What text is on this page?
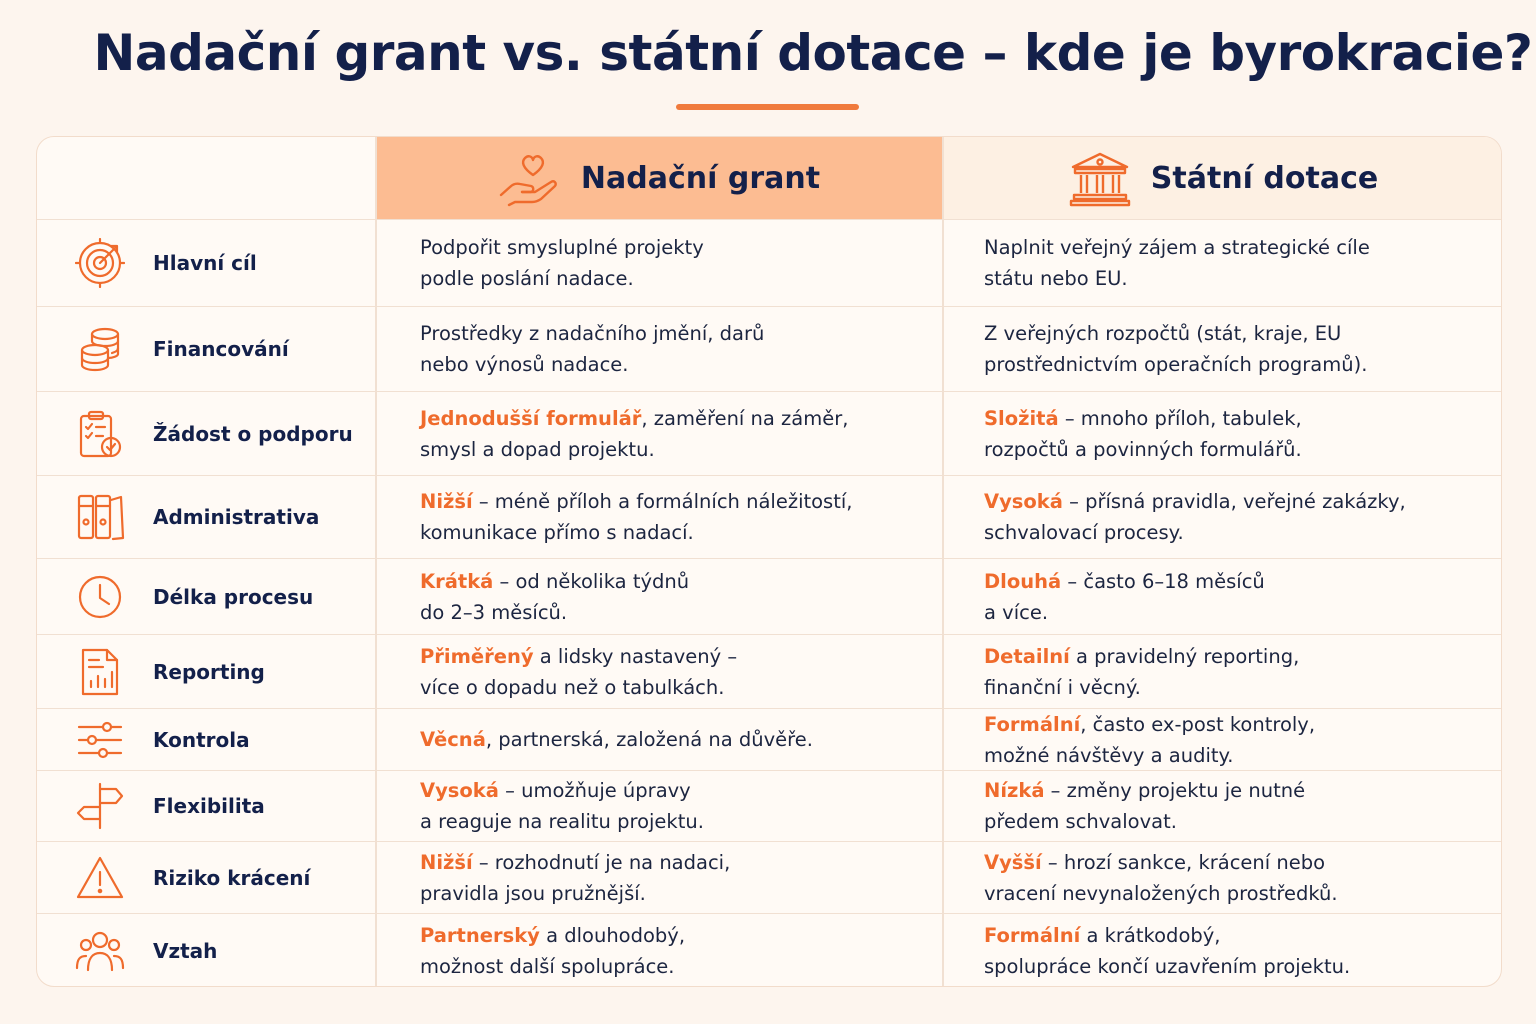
Nadační grant vs. státní dotace – kde je byrokracie?
Nadační grant	Státní dotace
Hlavní cíl
Podpořit smysluplné projekty
podle poslání nadace.
Naplnit veřejný zájem a strategické cíle
státu nebo EU.
Financování
Prostředky z nadačního jmění, darů
nebo výnosů nadace.
Z veřejných rozpočtů (stát, kraje, EU
prostřednictvím operačních programů).
Žádost o podporu
Jednodušší formulář, zaměření na záměr,
smysl a dopad projektu.
Složitá – mnoho příloh, tabulek,
rozpočtů a povinných formulářů.
Administrativa
Nižší – méně příloh a formálních náležitostí,
komunikace přímo s nadací.
Vysoká – přísná pravidla, veřejné zakázky,
schvalovací procesy.
Délka procesu
Krátká – od několika týdnů
do 2–3 měsíců.
Dlouhá – často 6–18 měsíců
a více.
Reporting
Přiměřený a lidsky nastavený –
více o dopadu než o tabulkách.
Detailní a pravidelný reporting,
finanční i věcný.
Kontrola	Věcná, partnerská, založená na důvěře.

Formální, často ex-post kontroly,
možné návštěvy a audity.
Flexibilita
Vysoká – umožňuje úpravy
a reaguje na realitu projektu.
Nízká – změny projektu je nutné
předem schvalovat.
Riziko krácení
Nižší – rozhodnutí je na nadaci,
pravidla jsou pružnější.
Vyšší – hrozí sankce, krácení nebo
vracení nevynaložených prostředků.
Vztah
Partnerský a dlouhodobý,
možnost další spolupráce.
Formální a krátkodobý,
spolupráce končí uzavřením projektu.
